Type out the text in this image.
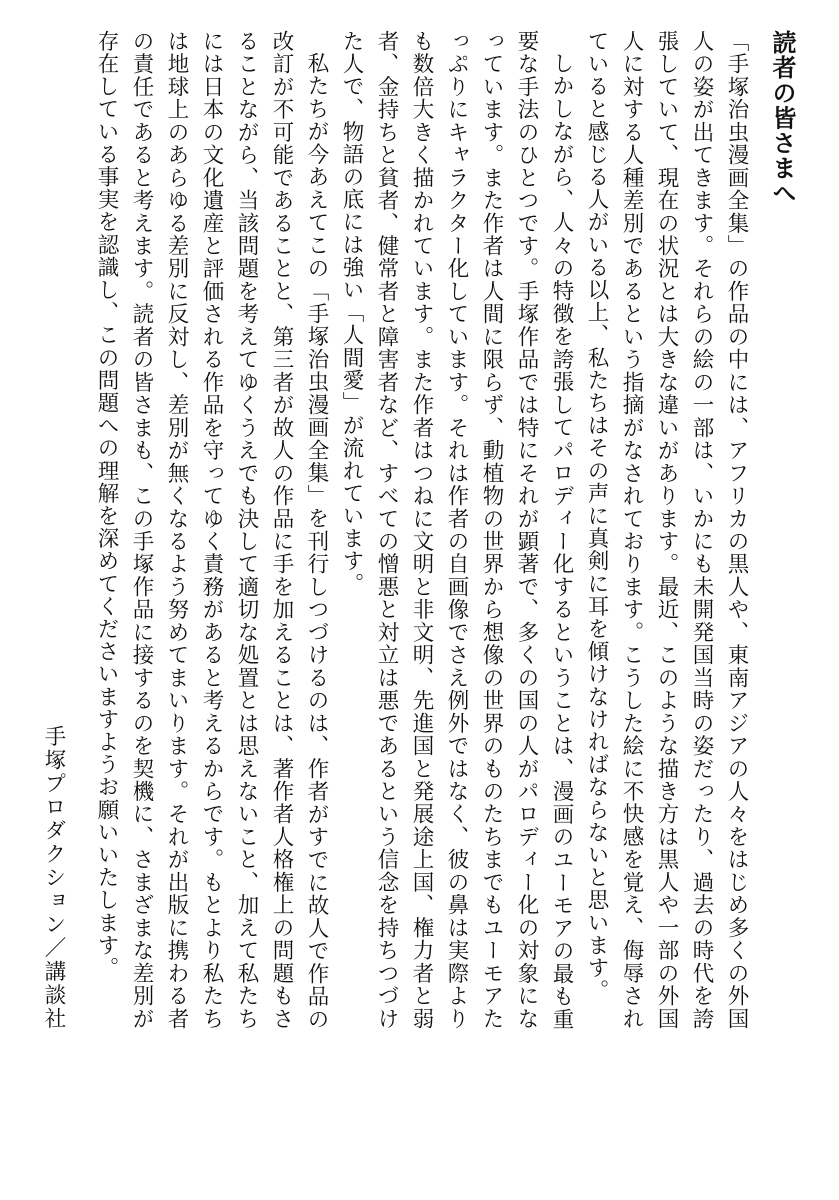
読者の皆さまへ
「手塚治虫漫画全集」の作品の中には、アフリカの黒人や、東南アジアの人々をはじめ多くの外国人の姿が出てきます。それらの絵の一部は、いかにも未開発国当時の姿だったり、過去の時代を誇張していて、現在の状況とは大きな違いがあります。最近、このような描き方は黒人や一部の外国人に対する人種差別であるという指摘がなされております。こうした絵に不快感を覚え、侮辱されていると感じる人がいる以上、私たちはその声に真剣に耳を傾けなければならないと思います。
しかしながら、人々の特徴を誇張してパロディー化するということは、漫画のユーモアの最も重要な手法のひとつです。手塚作品では特にそれが顕著で、多くの国の人がパロディー化の対象になっています。また作者は人間に限らず、動植物の世界から想像の世界のものたちまでもユーモアたっぷりにキャラクター化しています。それは作者の自画像でさえ例外ではなく、彼の鼻は実際よりも数倍大きく描かれています。また作者はつねに文明と非文明、先進国と発展途上国、権力者と弱者、金持ちと貧者、健常者と障害者など、すべての憎悪と対立は悪であるという信念を持ちつづけた人で、物語の底には強い「人間愛」が流れています。
私たちが今あえてこの「手塚治虫漫画全集」を刊行しつづけるのは、作者がすでに故人で作品の改訂が不可能であることと、第三者が故人の作品に手を加えることは、著作者人格権上の問題もさることながら、当該問題を考えてゆくうえでも決して適切な処置とは思えないこと、加えて私たちには日本の文化遺産と評価される作品を守ってゆく責務があると考えるからです。もとより私たちは地球上のあらゆる差別に反対し、差別が無くなるよう努めてまいります。それが出版に携わる者の責任であると考えます。読者の皆さまも、この手塚作品に接するのを契機に、さまざまな差別が存在している事実を認識し、この問題への理解を深めてくださいますようお願いいたします。
手塚プロダクション／講談社
